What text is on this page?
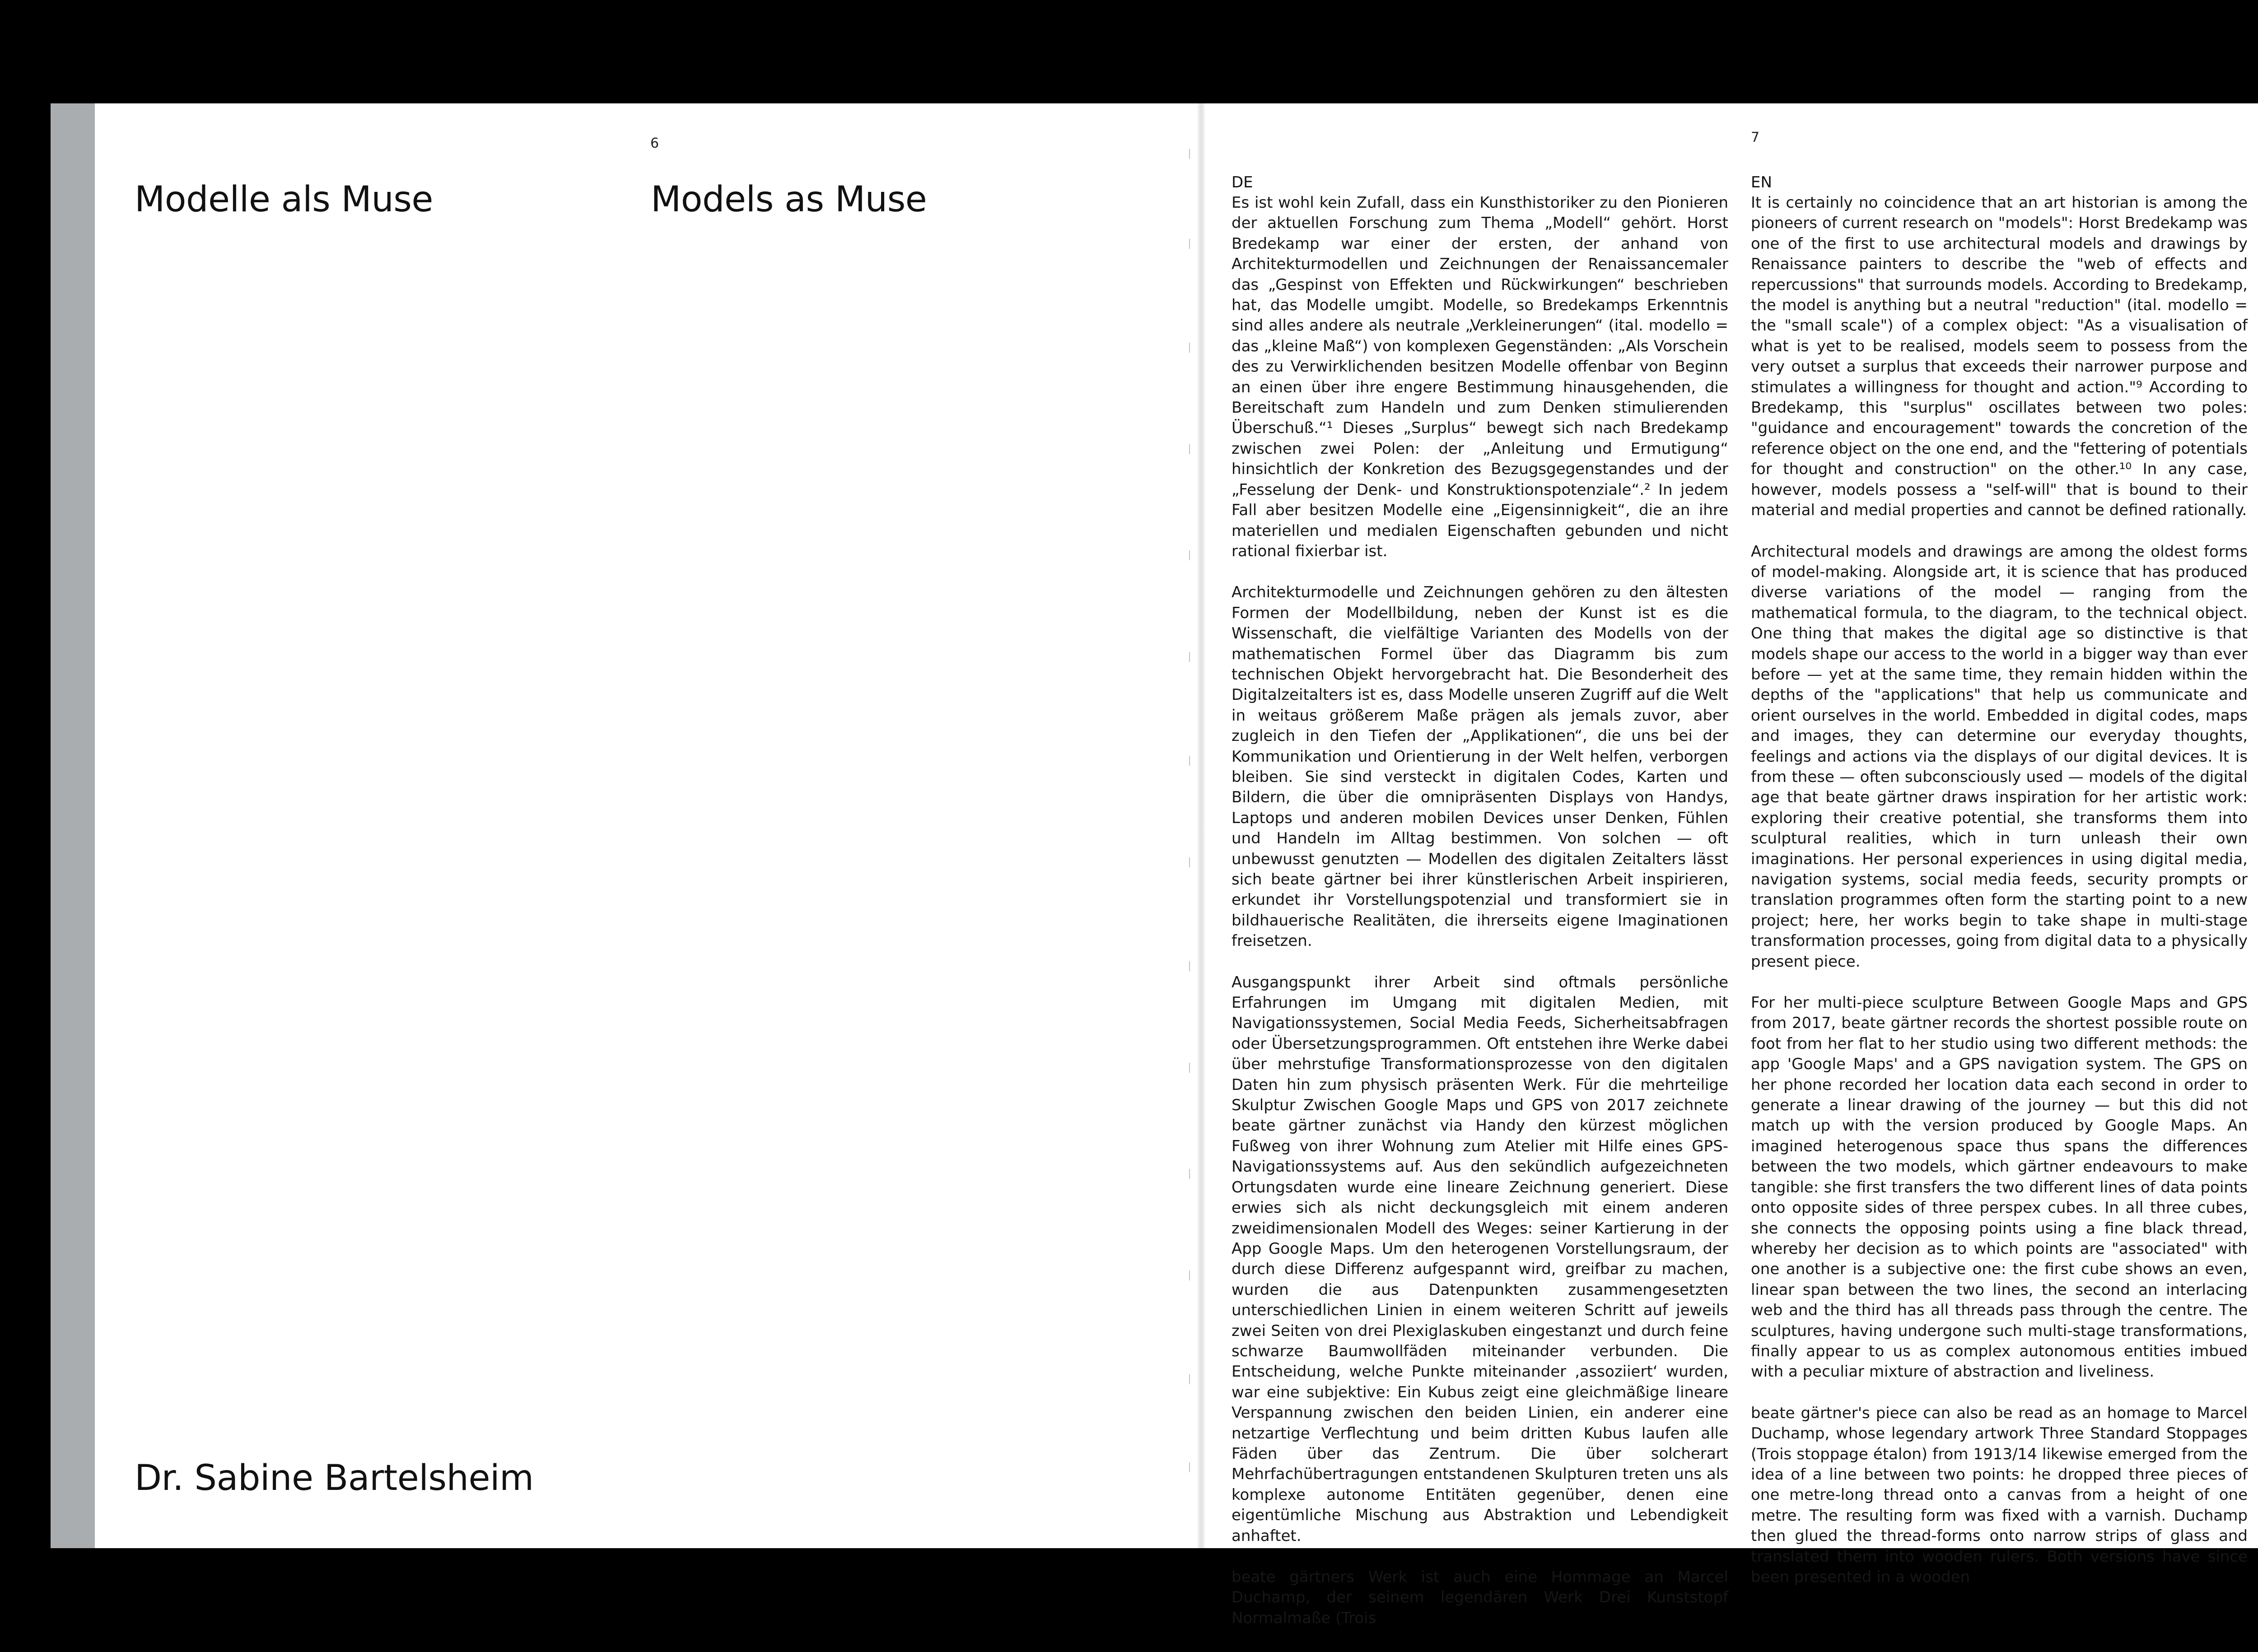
6
Modelle als Muse	Models as Muse
Dr. Sabine Bartelsheim
7
DE

Es ist wohl kein Zufall, dass ein Kunsthistoriker zu den Pionieren der aktuellen Forschung zum Thema „Modell“ gehört. Horst Bredekamp war einer der ersten, der anhand von Architekturmodellen und Zeichnungen der Renaissancemaler das „Gespinst von Effekten und Rückwirkungen“ beschrieben hat, das Modelle umgibt. Modelle, so Bredekamps Erkenntnis sind alles andere als neutrale „Verkleinerungen“ (ital. modello = das „kleine Maß“) von komplexen Gegenständen: „Als Vorschein des zu Verwirklichenden besitzen Modelle offenbar von Beginn an einen über ihre engere Bestimmung hinausgehenden, die Bereitschaft zum Handeln und zum Denken stimulierenden Überschuß.“¹ Dieses „Surplus“ bewegt sich nach Bredekamp zwischen zwei Polen: der „Anleitung und Ermutigung“ hinsichtlich der Konkretion des Bezugsgegenstandes und der „Fesselung der Denk- und Konstruktionspotenziale“.² In jedem Fall aber besitzen Modelle eine „Eigensinnigkeit“, die an ihre materiellen und medialen Eigenschaften gebunden und nicht rational fixierbar ist.

Architekturmodelle und Zeichnungen gehören zu den ältesten Formen der Modellbildung, neben der Kunst ist es die Wissenschaft, die vielfältige Varianten des Modells von der mathematischen Formel über das Diagramm bis zum technischen Objekt hervorgebracht hat. Die Besonderheit des Digitalzeitalters ist es, dass Modelle unseren Zugriff auf die Welt in weitaus größerem Maße prägen als jemals zuvor, aber zugleich in den Tiefen der „Applikationen“, die uns bei der Kommunikation und Orientierung in der Welt helfen, verborgen bleiben. Sie sind versteckt in digitalen Codes, Karten und Bildern, die über die omnipräsenten Displays von Handys, Laptops und anderen mobilen Devices unser Denken, Fühlen und Handeln im Alltag bestimmen. Von solchen — oft unbewusst genutzten — Modellen des digitalen Zeitalters lässt sich beate gärtner bei ihrer künstlerischen Arbeit inspirieren, erkundet ihr Vorstellungspotenzial und transformiert sie in bildhauerische Realitäten, die ihrerseits eigene Imaginationen freisetzen.

Ausgangspunkt ihrer Arbeit sind oftmals persönliche Erfahrungen im Umgang mit digitalen Medien, mit Navigationssystemen, Social Media Feeds, Sicherheitsabfragen oder Übersetzungsprogrammen. Oft entstehen ihre Werke dabei über mehrstufige Transformationsprozesse von den digitalen Daten hin zum physisch präsenten Werk. Für die mehrteilige Skulptur Zwischen Google Maps und GPS von 2017 zeichnete beate gärtner zunächst via Handy den kürzest möglichen Fußweg von ihrer Wohnung zum Atelier mit Hilfe eines GPS-Navigationssystems auf. Aus den sekündlich aufgezeichneten Ortungsdaten wurde eine lineare Zeichnung generiert. Diese erwies sich als nicht deckungsgleich mit einem anderen zweidimensionalen Modell des Weges: seiner Kartierung in der App Google Maps. Um den heterogenen Vorstellungsraum, der durch diese Differenz aufgespannt wird, greifbar zu machen, wurden die aus Datenpunkten zusammengesetzten unterschiedlichen Linien in einem weiteren Schritt auf jeweils zwei Seiten von drei Plexiglaskuben eingestanzt und durch feine schwarze Baumwollfäden miteinander verbunden. Die Entscheidung, welche Punkte miteinander ‚assoziiert‘ wurden, war eine subjektive: Ein Kubus zeigt eine gleichmäßige lineare Verspannung zwischen den beiden Linien, ein anderer eine netzartige Verflechtung und beim dritten Kubus laufen alle Fäden über das Zentrum. Die über solcherart Mehrfachübertragungen entstandenen Skulpturen treten uns als komplexe autonome Entitäten gegenüber, denen eine eigentümliche Mischung aus Abstraktion und Lebendigkeit anhaftet.

beate gärtners Werk ist auch eine Hommage an Marcel Duchamp, der seinem legendären Werk Drei Kunststopf Normalmaße (Trois

EN

It is certainly no coincidence that an art historian is among the pioneers of current research on "models": Horst Bredekamp was one of the first to use architectural models and drawings by Renaissance painters to describe the "web of effects and repercussions" that surrounds models. According to Bredekamp, the model is anything but a neutral "reduction" (ital. modello = the "small scale") of a complex object: "As a visualisation of what is yet to be realised, models seem to possess from the very outset a surplus that exceeds their narrower purpose and stimulates a willingness for thought and action."⁹ According to Bredekamp, this "surplus" oscillates between two poles: "guidance and encouragement" towards the concretion of the reference object on the one end, and the "fettering of potentials for thought and construction" on the other.¹⁰ In any case, however, models possess a "self-will" that is bound to their material and medial properties and cannot be defined rationally.

Architectural models and drawings are among the oldest forms of model-making. Alongside art, it is science that has produced diverse variations of the model — ranging from the mathematical formula, to the diagram, to the technical object. One thing that makes the digital age so distinctive is that models shape our access to the world in a bigger way than ever before — yet at the same time, they remain hidden within the depths of the "applications" that help us communicate and orient ourselves in the world. Embedded in digital codes, maps and images, they can determine our everyday thoughts, feelings and actions via the displays of our digital devices. It is from these — often subconsciously used — models of the digital age that beate gärtner draws inspiration for her artistic work: exploring their creative potential, she transforms them into sculptural realities, which in turn unleash their own imaginations. Her personal experiences in using digital media, navigation systems, social media feeds, security prompts or translation programmes often form the starting point to a new project; here, her works begin to take shape in multi-stage transformation processes, going from digital data to a physically present piece.

For her multi-piece sculpture Between Google Maps and GPS from 2017, beate gärtner records the shortest possible route on foot from her flat to her studio using two different methods: the app 'Google Maps' and a GPS navigation system. The GPS on her phone recorded her location data each second in order to generate a linear drawing of the journey — but this did not match up with the version produced by Google Maps. An imagined heterogenous space thus spans the differences between the two models, which gärtner endeavours to make tangible: she first transfers the two different lines of data points onto opposite sides of three perspex cubes. In all three cubes, she connects the opposing points using a fine black thread, whereby her decision as to which points are "associated" with one another is a subjective one: the first cube shows an even, linear span between the two lines, the second an interlacing web and the third has all threads pass through the centre. The sculptures, having undergone such multi-stage transformations, finally appear to us as complex autonomous entities imbued with a peculiar mixture of abstraction and liveliness.

beate gärtner's piece can also be read as an homage to Marcel Duchamp, whose legendary artwork Three Standard Stoppages (Trois stoppage étalon) from 1913/14 likewise emerged from the idea of a line between two points: he dropped three pieces of one metre-long thread onto a canvas from a height of one metre. The resulting form was fixed with a varnish. Duchamp then glued the thread-forms onto narrow strips of glass and translated them into wooden rulers. Both versions have since been presented in a wooden
